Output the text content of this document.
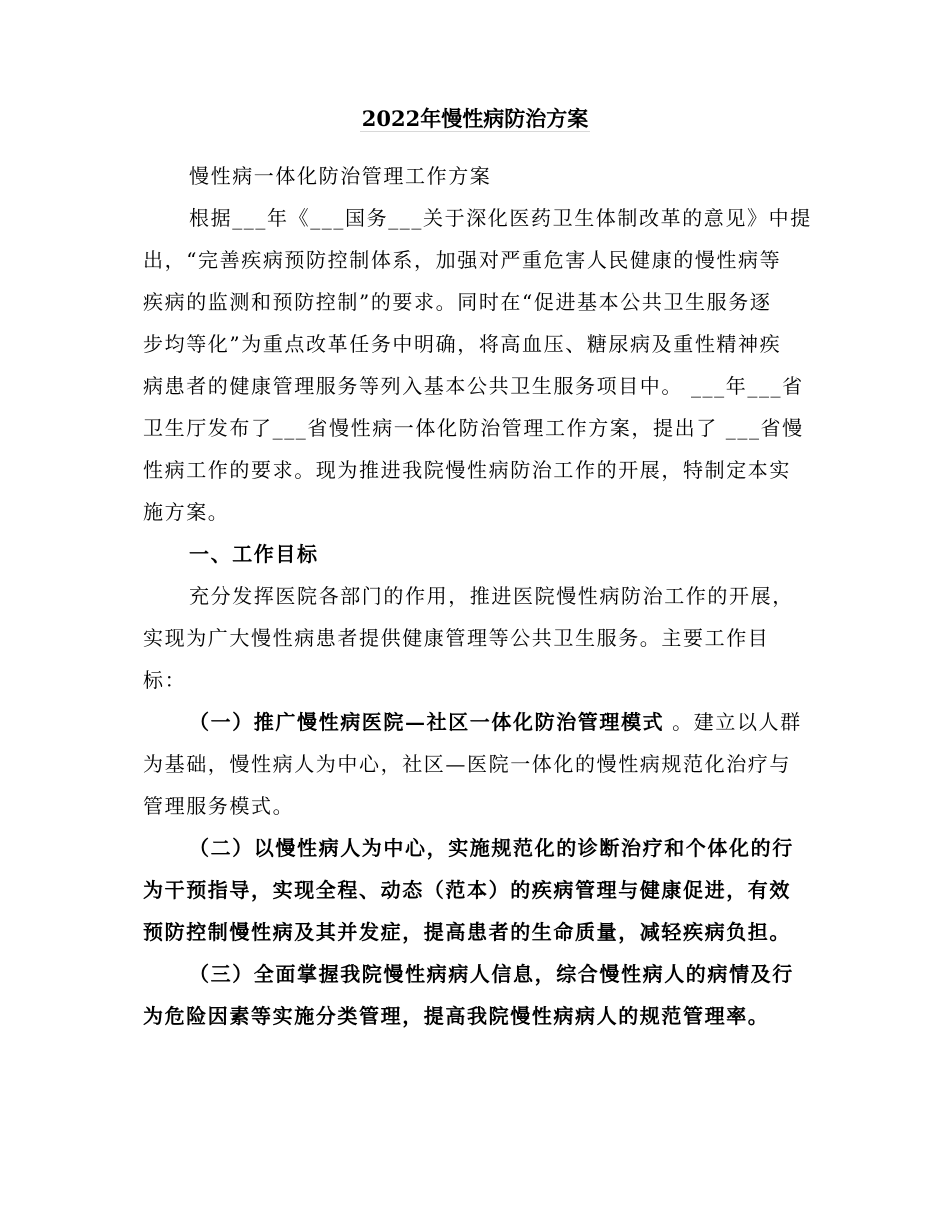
2022年慢性病防治方案
慢性病一体化防治管理工作方案
根据___年《___国务___关于深化医药卫生体制改革的意见》中提
出，“完善疾病预防控制体系，加强对严重危害人民健康的慢性病等
疾病的监测和预防控制”的要求。同时在“促进基本公共卫生服务逐
步均等化”为重点改革任务中明确，将高血压、糖尿病及重性精神疾
病患者的健康管理服务等列入基本公共卫生服务项目中。 ___年___省
卫生厅发布了___省慢性病一体化防治管理工作方案，提出了 ___省慢
性病工作的要求。现为推进我院慢性病防治工作的开展，特制定本实
施方案。
一、工作目标
充分发挥医院各部门的作用，推进医院慢性病防治工作的开展，
实现为广大慢性病患者提供健康管理等公共卫生服务。主要工作目
标：
（一）推广慢性病医院—社区一体化防治管理模式 。建立以人群
为基础，慢性病人为中心，社区—医院一体化的慢性病规范化治疗与
管理服务模式。
（二）以慢性病人为中心，实施规范化的诊断治疗和个体化的行
为干预指导，实现全程、动态（范本）的疾病管理与健康促进，有效
预防控制慢性病及其并发症，提高患者的生命质量，减轻疾病负担。
（三）全面掌握我院慢性病病人信息，综合慢性病人的病情及行
为危险因素等实施分类管理，提高我院慢性病病人的规范管理率。
